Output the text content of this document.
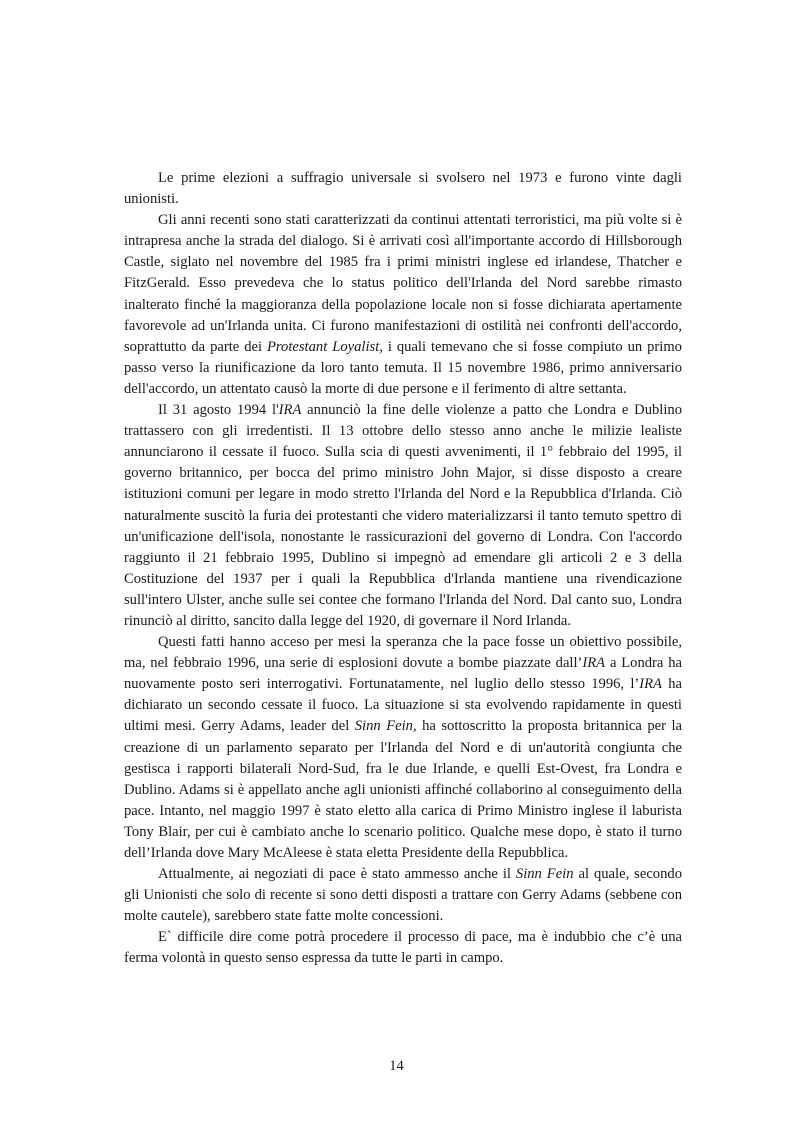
Le prime elezioni a suffragio universale si svolsero nel 1973 e furono vinte dagli unionisti.

Gli anni recenti sono stati caratterizzati da continui attentati terroristici, ma più volte si è intrapresa anche la strada del dialogo. Si è arrivati così all'importante accordo di Hillsborough Castle, siglato nel novembre del 1985 fra i primi ministri inglese ed irlandese, Thatcher e FitzGerald. Esso prevedeva che lo status politico dell'Irlanda del Nord sarebbe rimasto inalterato finché la maggioranza della popolazione locale non si fosse dichiarata apertamente favorevole ad un'Irlanda unita. Ci furono manifestazioni di ostilità nei confronti dell'accordo, soprattutto da parte dei Protestant Loyalist, i quali temevano che si fosse compiuto un primo passo verso la riunificazione da loro tanto temuta. Il 15 novembre 1986, primo anniversario dell'accordo, un attentato causò la morte di due persone e il ferimento di altre settanta.

Il 31 agosto 1994 l'IRA annunciò la fine delle violenze a patto che Londra e Dublino trattassero con gli irredentisti. Il 13 ottobre dello stesso anno anche le milizie lealiste annunciarono il cessate il fuoco. Sulla scia di questi avvenimenti, il 1° febbraio del 1995, il governo britannico, per bocca del primo ministro John Major, si disse disposto a creare istituzioni comuni per legare in modo stretto l'Irlanda del Nord e la Repubblica d'Irlanda. Ciò naturalmente suscitò la furia dei protestanti che videro materializzarsi il tanto temuto spettro di un'unificazione dell'isola, nonostante le rassicurazioni del governo di Londra. Con l'accordo raggiunto il 21 febbraio 1995, Dublino si impegnò ad emendare gli articoli 2 e 3 della Costituzione del 1937 per i quali la Repubblica d'Irlanda mantiene una rivendicazione sull'intero Ulster, anche sulle sei contee che formano l'Irlanda del Nord. Dal canto suo, Londra rinunciò al diritto, sancito dalla legge del 1920, di governare il Nord Irlanda.

Questi fatti hanno acceso per mesi la speranza che la pace fosse un obiettivo possibile, ma, nel febbraio 1996, una serie di esplosioni dovute a bombe piazzate dall’IRA a Londra ha nuovamente posto seri interrogativi. Fortunatamente, nel luglio dello stesso 1996, l’IRA ha dichiarato un secondo cessate il fuoco. La situazione si sta evolvendo rapidamente in questi ultimi mesi. Gerry Adams, leader del Sinn Fein, ha sottoscritto la proposta britannica per la creazione di un parlamento separato per l'Irlanda del Nord e di un'autorità congiunta che gestisca i rapporti bilaterali Nord-Sud, fra le due Irlande, e quelli Est-Ovest, fra Londra e Dublino. Adams si è appellato anche agli unionisti affinché collaborino al conseguimento della pace. Intanto, nel maggio 1997 è stato eletto alla carica di Primo Ministro inglese il laburista Tony Blair, per cui è cambiato anche lo scenario politico. Qualche mese dopo, è stato il turno dell’Irlanda dove Mary McAleese è stata eletta Presidente della Repubblica.

Attualmente, ai negoziati di pace è stato ammesso anche il Sinn Fein al quale, secondo gli Unionisti che solo di recente si sono detti disposti a trattare con Gerry Adams (sebbene con molte cautele), sarebbero state fatte molte concessioni.

E` difficile dire come potrà procedere il processo di pace, ma è indubbio che c’è una ferma volontà in questo senso espressa da tutte le parti in campo.

14
